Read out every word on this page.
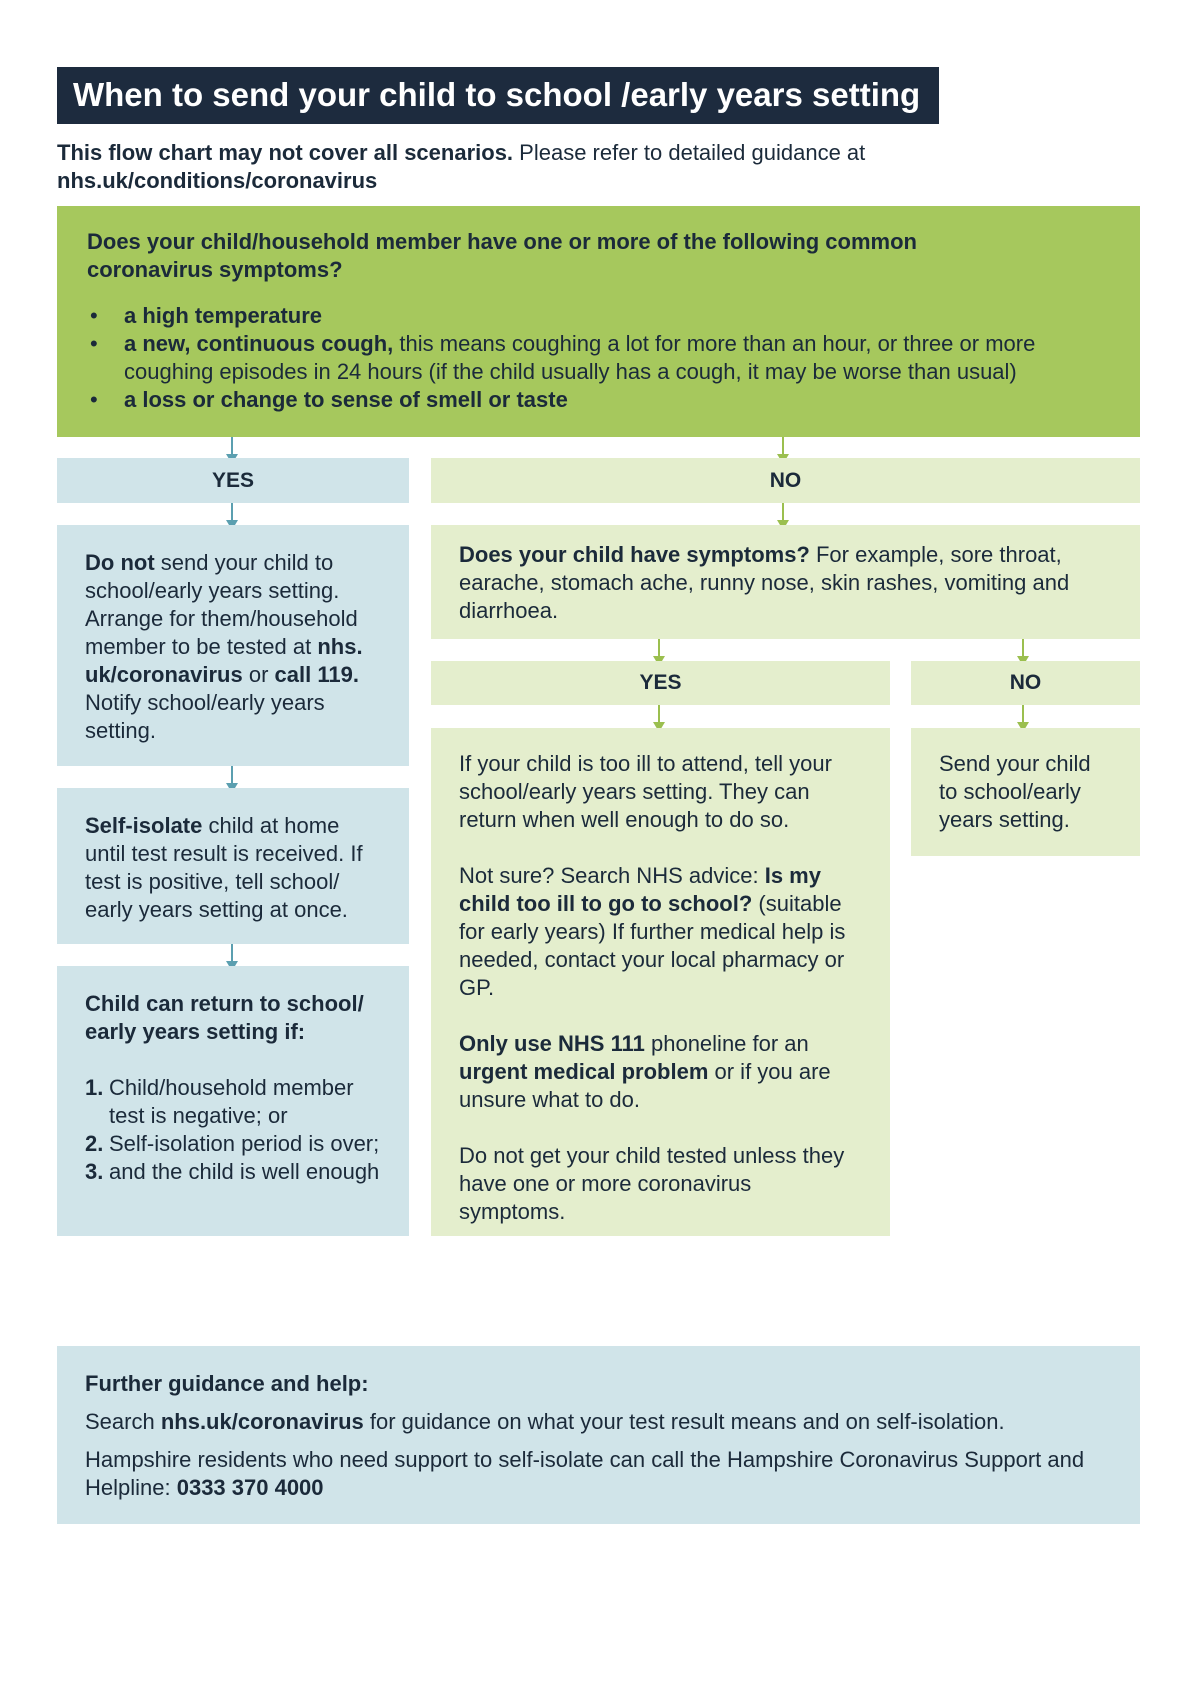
When to send your child to school /early years setting
This flow chart may not cover all scenarios. Please refer to detailed guidance at
nhs.uk/conditions/coronavirus
Does your child/household member have one or more of the following common coronavirus symptoms?
• a high temperature
• a new, continuous cough, this means coughing a lot for more than an hour, or three or more coughing episodes in 24 hours (if the child usually has a cough, it may be worse than usual)
• a loss or change to sense of smell or taste
YES	NO

Do not send your child to school/early years setting. Arrange for them/household member to be tested at nhs. uk/coronavirus or call 119. Notify school/early years setting.

Self-isolate child at home until test result is received. If test is positive, tell school/ early years setting at once.

Child can return to school/ early years setting if:

1. Child/household member test is negative; or
2. Self-isolation period is over;
3. and the child is well enough

Does your child have symptoms? For example, sore throat, earache, stomach ache, runny nose, skin rashes, vomiting and diarrhoea.

YES	NO

If your child is too ill to attend, tell your school/early years setting. They can return when well enough to do so.

Not sure? Search NHS advice: Is my child too ill to go to school? (suitable for early years) If further medical help is needed, contact your local pharmacy or GP.

Only use NHS 111 phoneline for an urgent medical problem or if you are unsure what to do.

Do not get your child tested unless they have one or more coronavirus symptoms.

Send your child to school/early years setting.

Further guidance and help:

Search nhs.uk/coronavirus for guidance on what your test result means and on self-isolation.

Hampshire residents who need support to self-isolate can call the Hampshire Coronavirus Support and Helpline: 0333 370 4000
